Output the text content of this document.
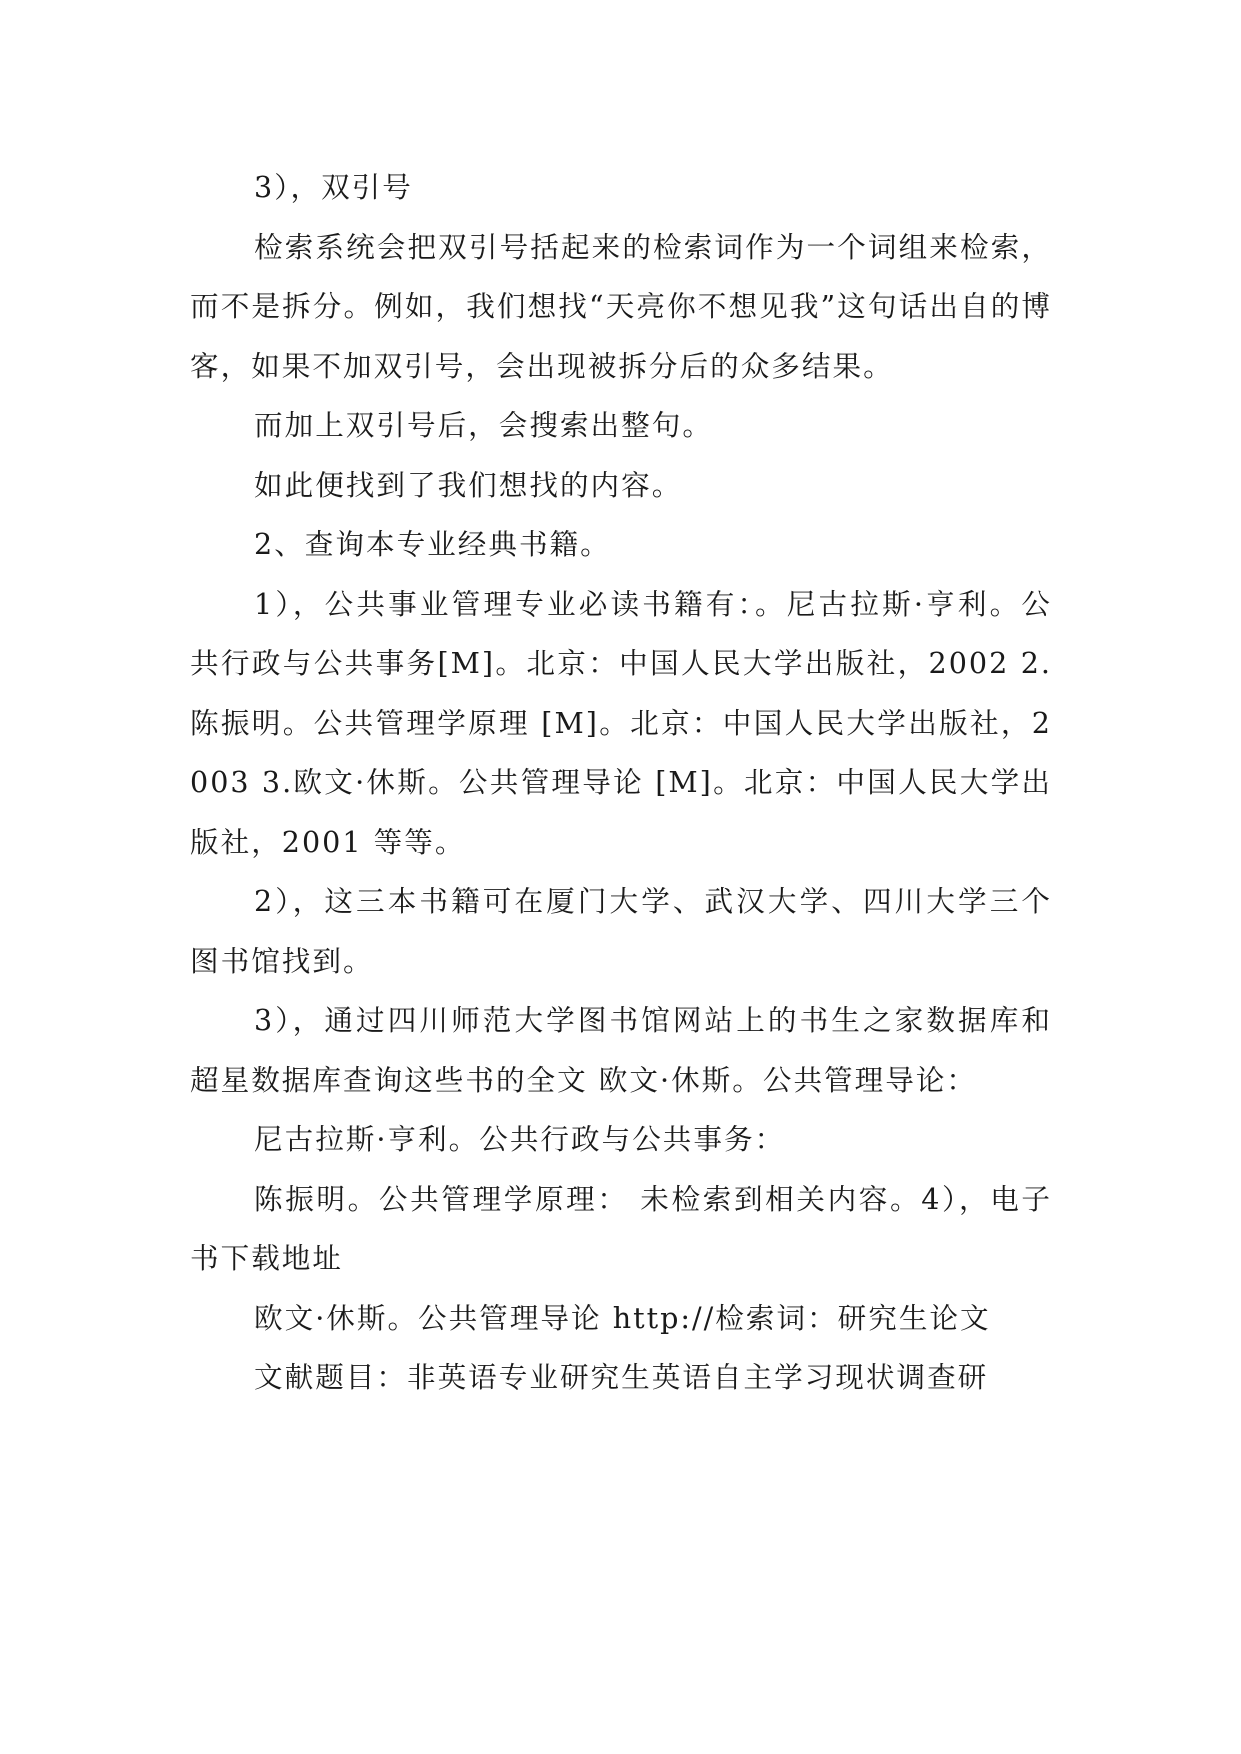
3），双引号

检索系统会把双引号括起来的检索词作为一个词组来检索，而不是拆分。例如，我们想找“天亮你不想见我”这句话出自的博客，如果不加双引号，会出现被拆分后的众多结果。

而加上双引号后，会搜索出整句。

如此便找到了我们想找的内容。

2、查询本专业经典书籍。

1），公共事业管理专业必读书籍有：。尼古拉斯·亨利。公共行政与公共事务[M]。北京：中国人民大学出版社，2002 2.陈振明。公共管理学原理 [M]。北京：中国人民大学出版社，2003 3.欧文·休斯。公共管理导论 [M]。北京：中国人民大学出版社，2001 等等。

2），这三本书籍可在厦门大学、武汉大学、四川大学三个图书馆找到。

3），通过四川师范大学图书馆网站上的书生之家数据库和超星数据库查询这些书的全文 欧文·休斯。公共管理导论：

尼古拉斯·亨利。公共行政与公共事务：

陈振明。公共管理学原理： 未检索到相关内容。4），电子书下载地址

欧文·休斯。公共管理导论 http://检索词：研究生论文

文献题目：非英语专业研究生英语自主学习现状调查研
